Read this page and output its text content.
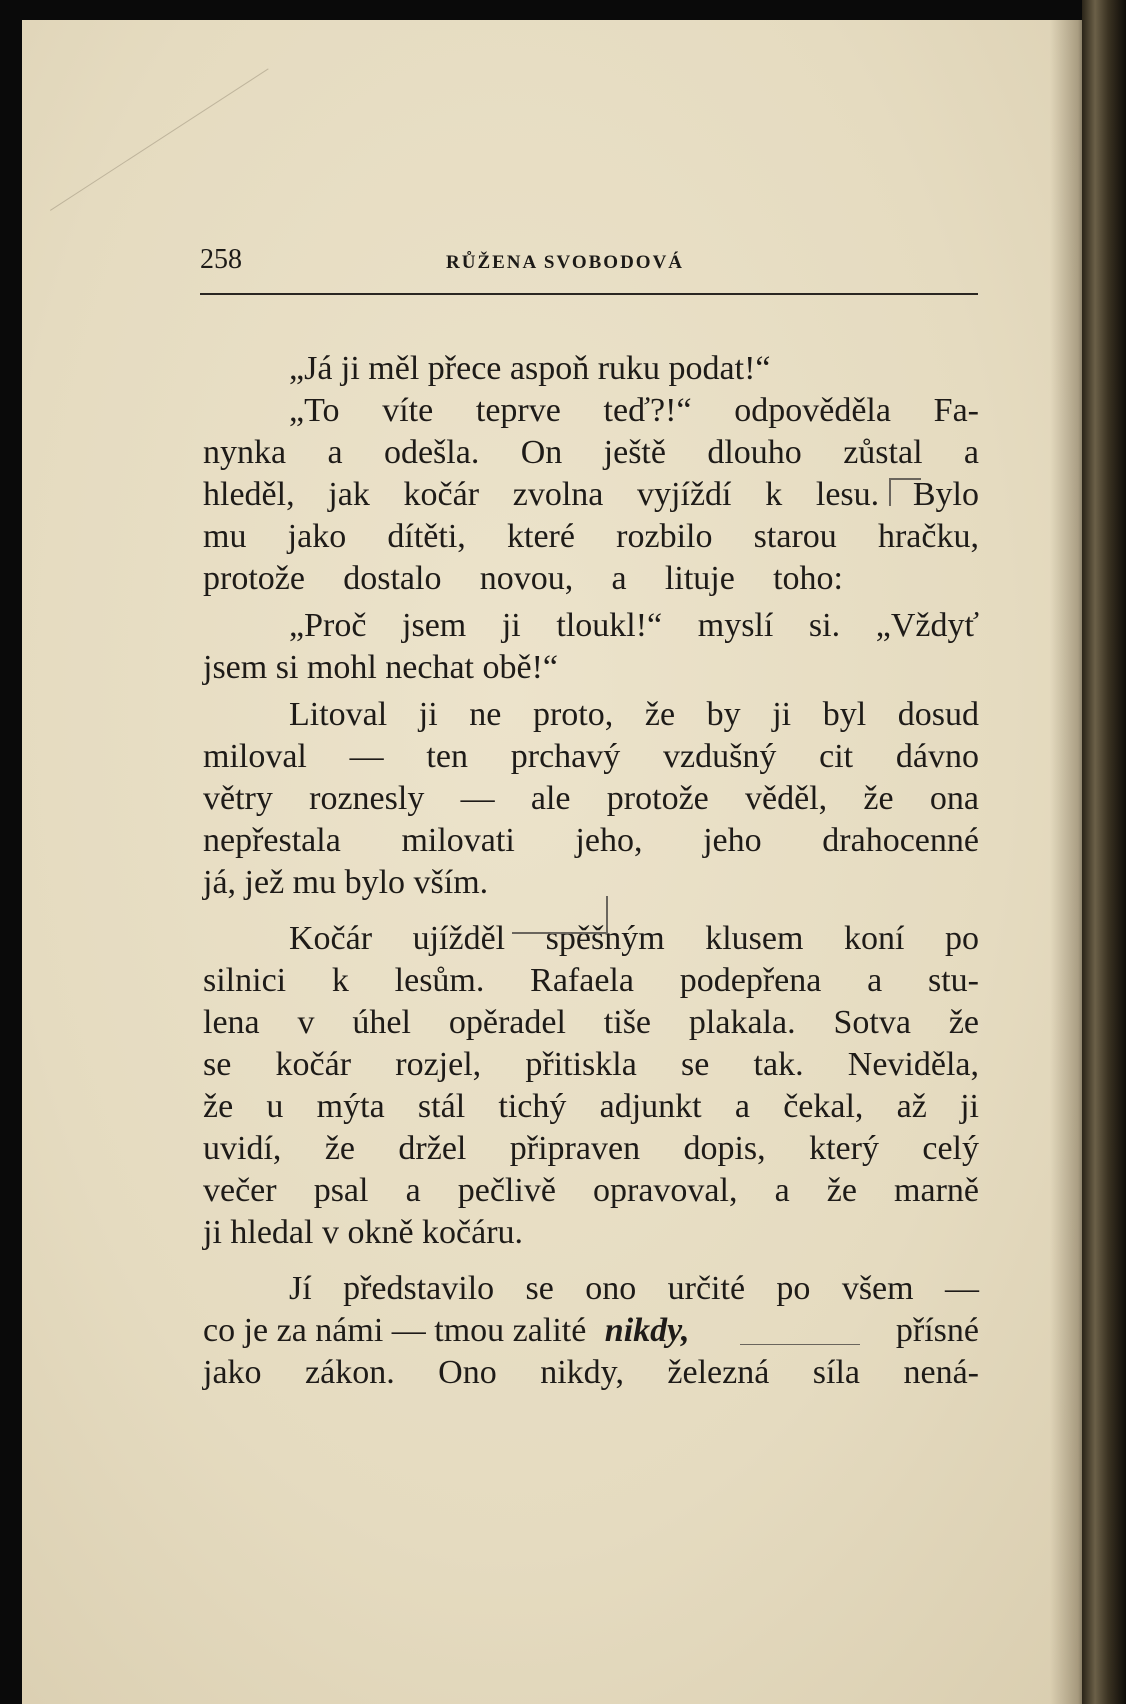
258	RŮŽENA SVOBODOVÁ
„Já ji měl přece aspoň ruku podat!“
„To víte teprve teď?!“ odpověděla Fa-
nynka a odešla. On ještě dlouho zůstal a
hleděl, jak kočár zvolna vyjíždí k lesu. Bylo
mu jako dítěti, které rozbilo starou hračku,
protože dostalo novou, a lituje toho:
„Proč jsem ji tloukl!“ myslí si. „Vždyť
jsem si mohl nechat obě!“
Litoval ji ne proto, že by ji byl dosud
miloval — ten prchavý vzdušný cit dávno
větry roznesly — ale protože věděl, že ona
nepřestala milovati jeho, jeho drahocenné
já, jež mu bylo vším.
Kočár ujížděl spěšným klusem koní po
silnici k lesům. Rafaela podepřena a stu-
lena v úhel opěradel tiše plakala. Sotva že
se kočár rozjel, přitiskla se tak. Neviděla,
že u mýta stál tichý adjunkt a čekal, až ji
uvidí, že držel připraven dopis, který celý
večer psal a pečlivě opravoval, a že marně
ji hledal v okně kočáru.
Jí představilo se ono určité po všem —
co je za námi — tmou zalité nikdy,	přísné
jako zákon. Ono nikdy, železná síla nená-
